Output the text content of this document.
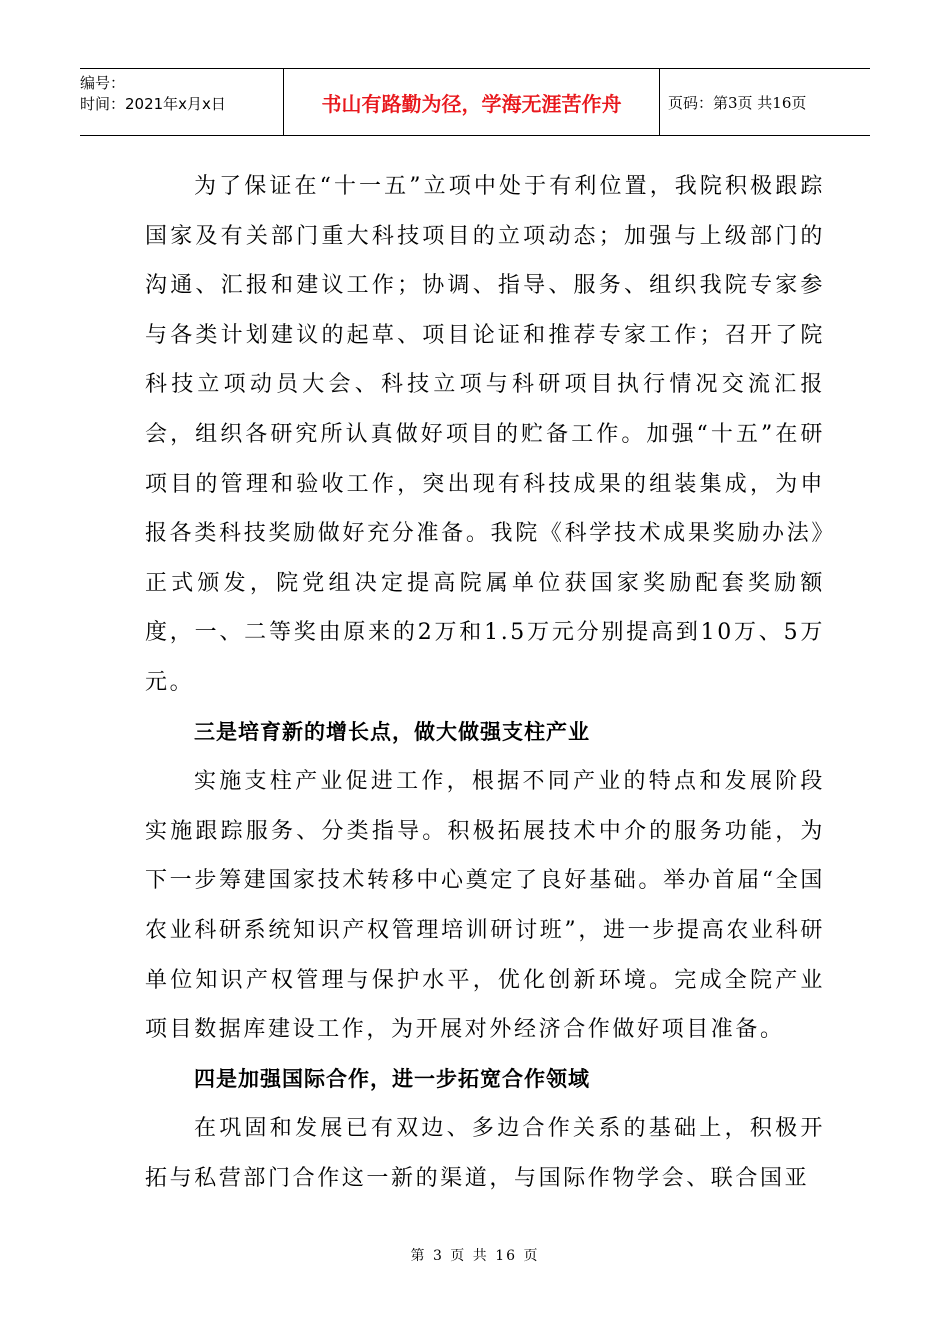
编号：
时间：2021年x月x日	书山有路勤为径，学海无涯苦作舟	页码：第3页 共16页

为了保证在“十一五”立项中处于有利位置，我院积极跟踪国家及有关部门重大科技项目的立项动态；加强与上级部门的沟通、汇报和建议工作；协调、指导、服务、组织我院专家参与各类计划建议的起草、项目论证和推荐专家工作；召开了院科技立项动员大会、科技立项与科研项目执行情况交流汇报会，组织各研究所认真做好项目的贮备工作。加强“十五”在研项目的管理和验收工作，突出现有科技成果的组装集成，为申报各类科技奖励做好充分准备。我院《科学技术成果奖励办法》正式颁发，院党组决定提高院属单位获国家奖励配套奖励额度，一、二等奖由原来的2万和1.5万元分别提高到10万、5万元。

三是培育新的增长点，做大做强支柱产业

实施支柱产业促进工作，根据不同产业的特点和发展阶段实施跟踪服务、分类指导。积极拓展技术中介的服务功能，为下一步筹建国家技术转移中心奠定了良好基础。举办首届“全国农业科研系统知识产权管理培训研讨班”，进一步提高农业科研单位知识产权管理与保护水平，优化创新环境。完成全院产业项目数据库建设工作，为开展对外经济合作做好项目准备。

四是加强国际合作，进一步拓宽合作领域

在巩固和发展已有双边、多边合作关系的基础上，积极开拓与私营部门合作这一新的渠道，与国际作物学会、联合国亚

第 3 页 共 16 页
